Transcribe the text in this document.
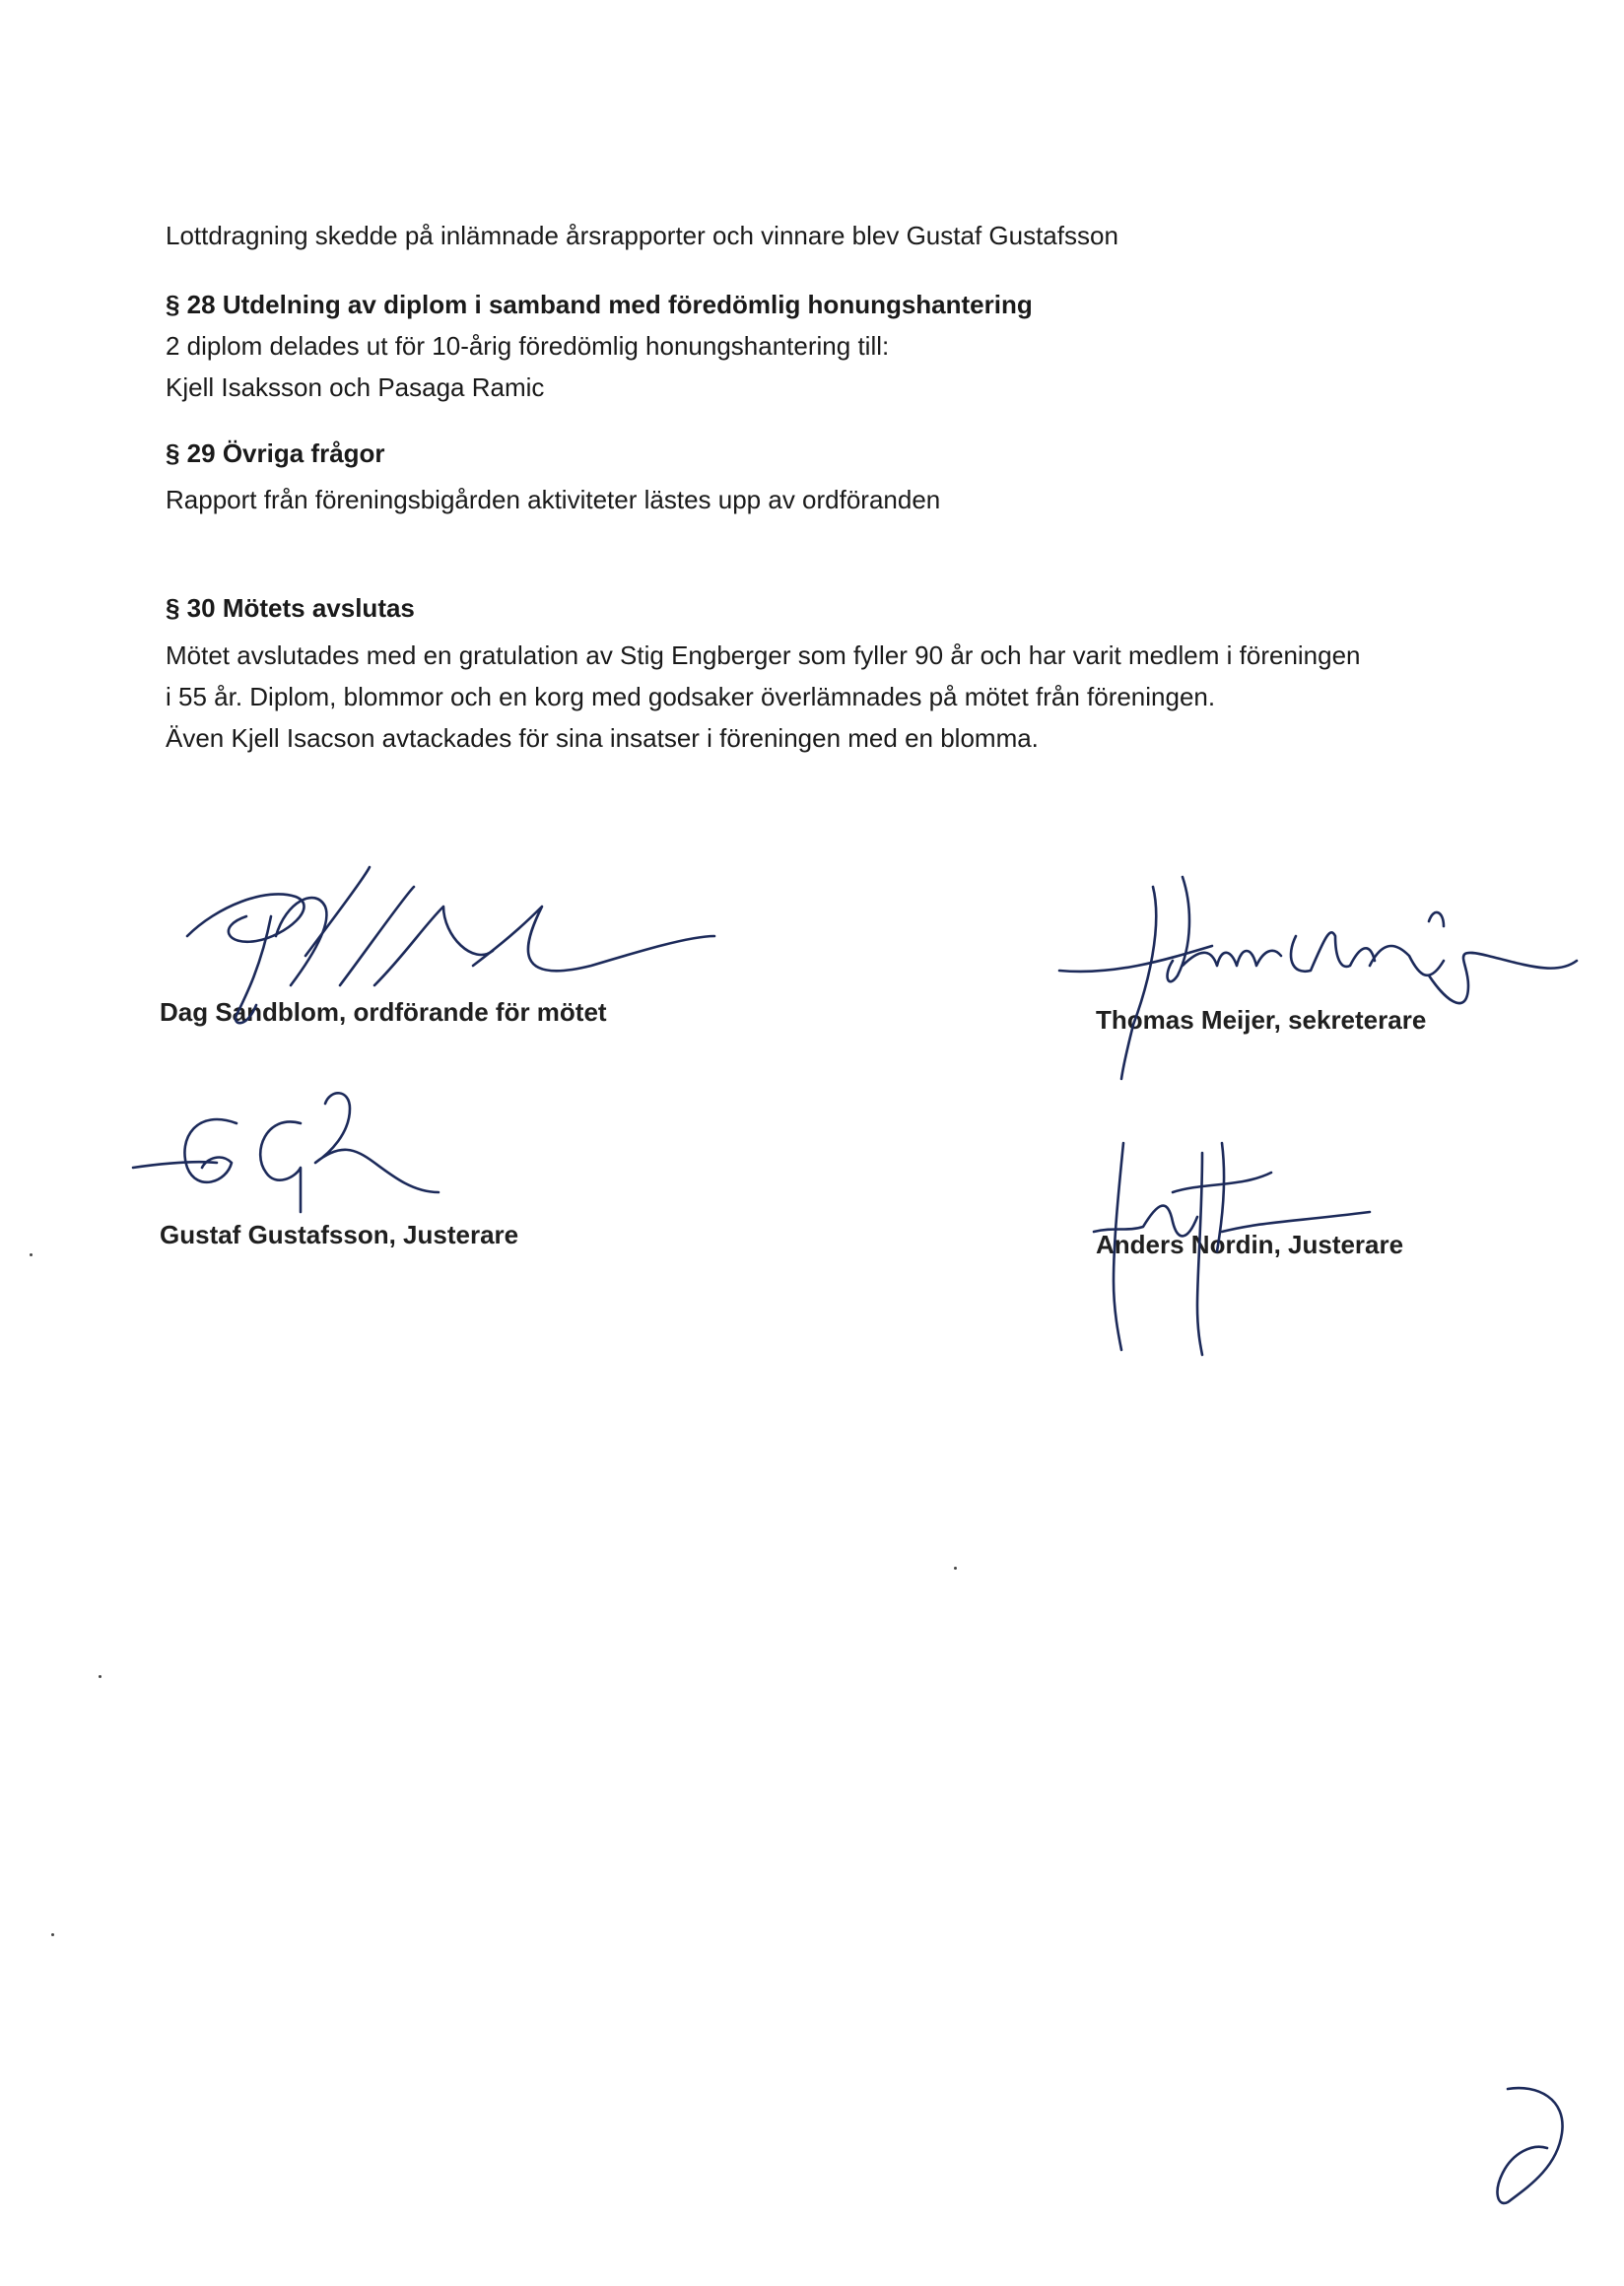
Lottdragning skedde på inlämnade årsrapporter och vinnare blev Gustaf Gustafsson
§ 28 Utdelning av diplom i samband med föredömlig honungshantering
2 diplom delades ut för 10-årig föredömlig honungshantering till:
Kjell Isaksson och Pasaga Ramic
§ 29 Övriga frågor
Rapport från föreningsbigården aktiviteter lästes upp av ordföranden
§ 30 Mötets avslutas
Mötet avslutades med en gratulation av Stig Engberger som fyller 90 år och har varit medlem i föreningen
i 55 år. Diplom, blommor och en korg med godsaker överlämnades på mötet från föreningen.
Även Kjell Isacson avtackades för sina insatser i föreningen med en blomma.
Dag Sandblom, ordförande för mötet	Thomas Meijer, sekreterare
Gustaf Gustafsson, Justerare	Anders Nordin, Justerare
